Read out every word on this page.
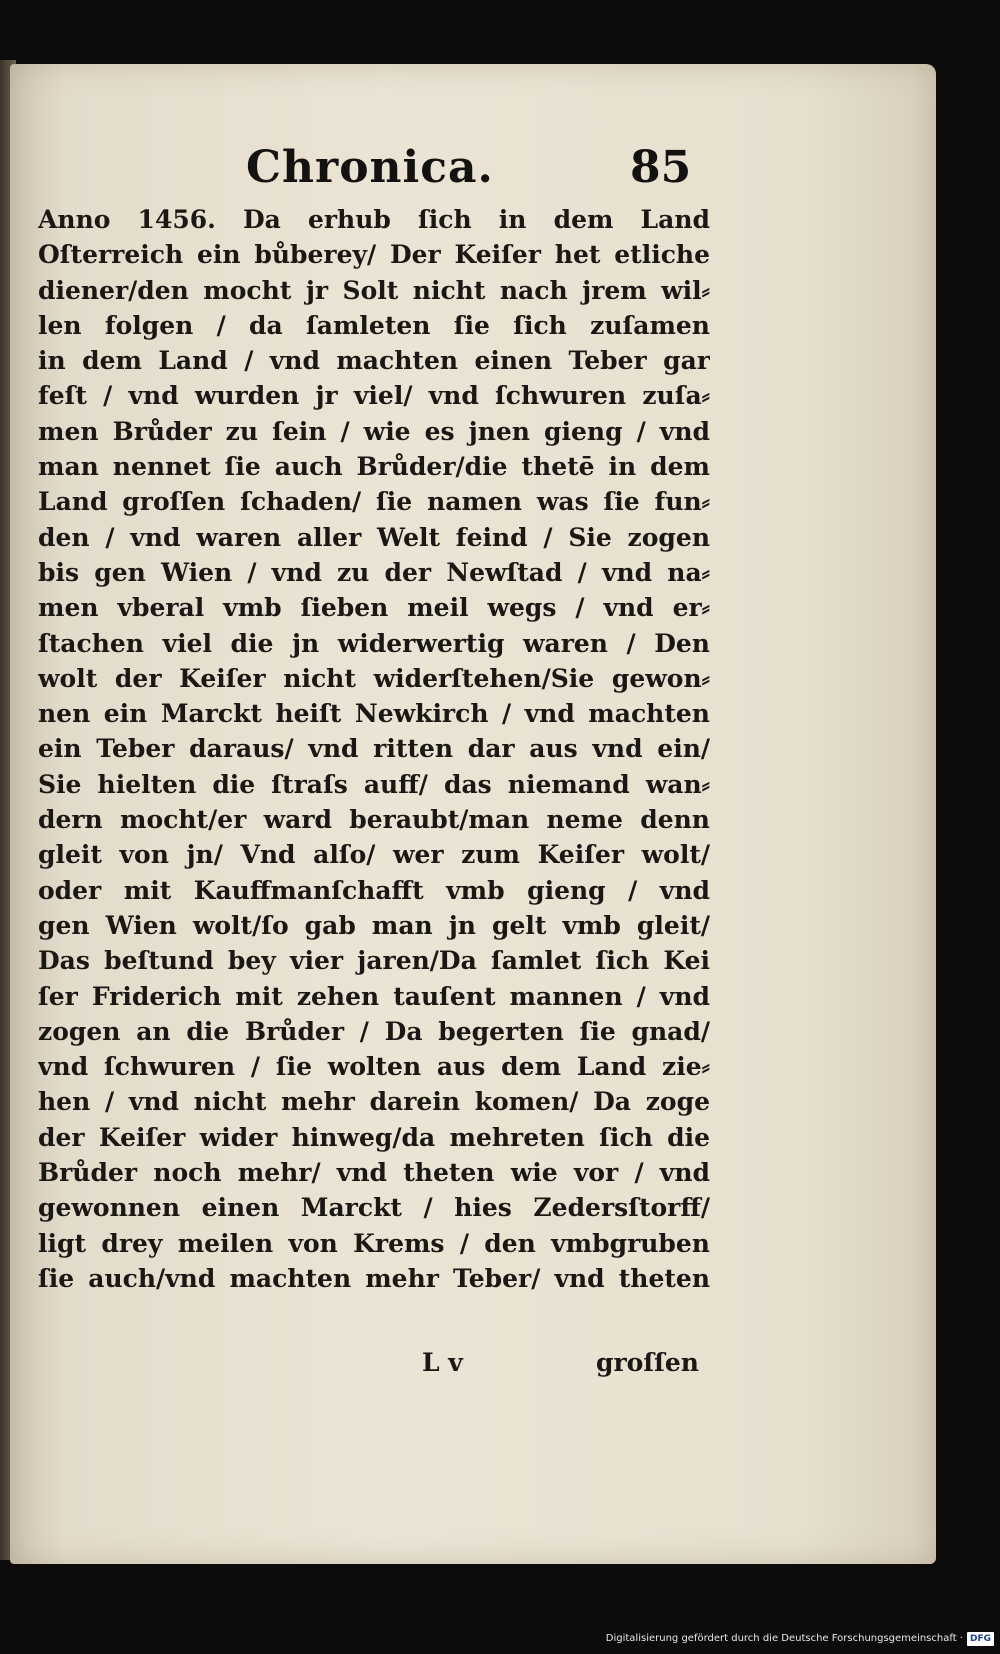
Chronica.	85
Anno 1456. Da erhub ſich in dem Land
Oſterreich ein bůberey/ Der Keiſer het etliche
diener/den mocht jr Solt nicht nach jrem wil⸗
len folgen / da ſamleten ſie ſich zuſamen
in dem Land / vnd machten einen Teber gar
feſt / vnd wurden jr viel/ vnd ſchwuren zuſa⸗
men Brůder zu ſein / wie es jnen gieng / vnd
man nennet ſie auch Brůder/die thetē in dem
Land groſſen ſchaden/ ſie namen was ſie fun⸗
den / vnd waren aller Welt feind / Sie zogen
bis gen Wien / vnd zu der Newſtad / vnd na⸗
men vberal vmb ſieben meil wegs / vnd er⸗
ſtachen viel die jn widerwertig waren / Den
wolt der Keiſer nicht widerſtehen/Sie gewon⸗
nen ein Marckt heiſt Newkirch / vnd machten
ein Teber daraus/ vnd ritten dar aus vnd ein/
Sie hielten die ſtraſs auff/ das niemand wan⸗
dern mocht/er ward beraubt/man neme denn
gleit von jn/ Vnd alſo/ wer zum Keiſer wolt/
oder mit Kauffmanſchafft vmb gieng / vnd
gen Wien wolt/ſo gab man jn gelt vmb gleit/
Das beſtund bey vier jaren/Da ſamlet ſich Kei
ſer Friderich mit zehen tauſent mannen / vnd
zogen an die Brůder / Da begerten ſie gnad/
vnd ſchwuren / ſie wolten aus dem Land zie⸗
hen / vnd nicht mehr darein komen/ Da zoge
der Keiſer wider hinweg/da mehreten ſich die
Brůder noch mehr/ vnd theten wie vor / vnd
gewonnen einen Marckt / hies Zedersſtorff/
ligt drey meilen von Krems / den vmbgruben
ſie auch/vnd machten mehr Teber/ vnd theten
L v	groſſen
Digitalisierung gefördert durch die Deutsche Forschungsgemeinschaft · DFG
